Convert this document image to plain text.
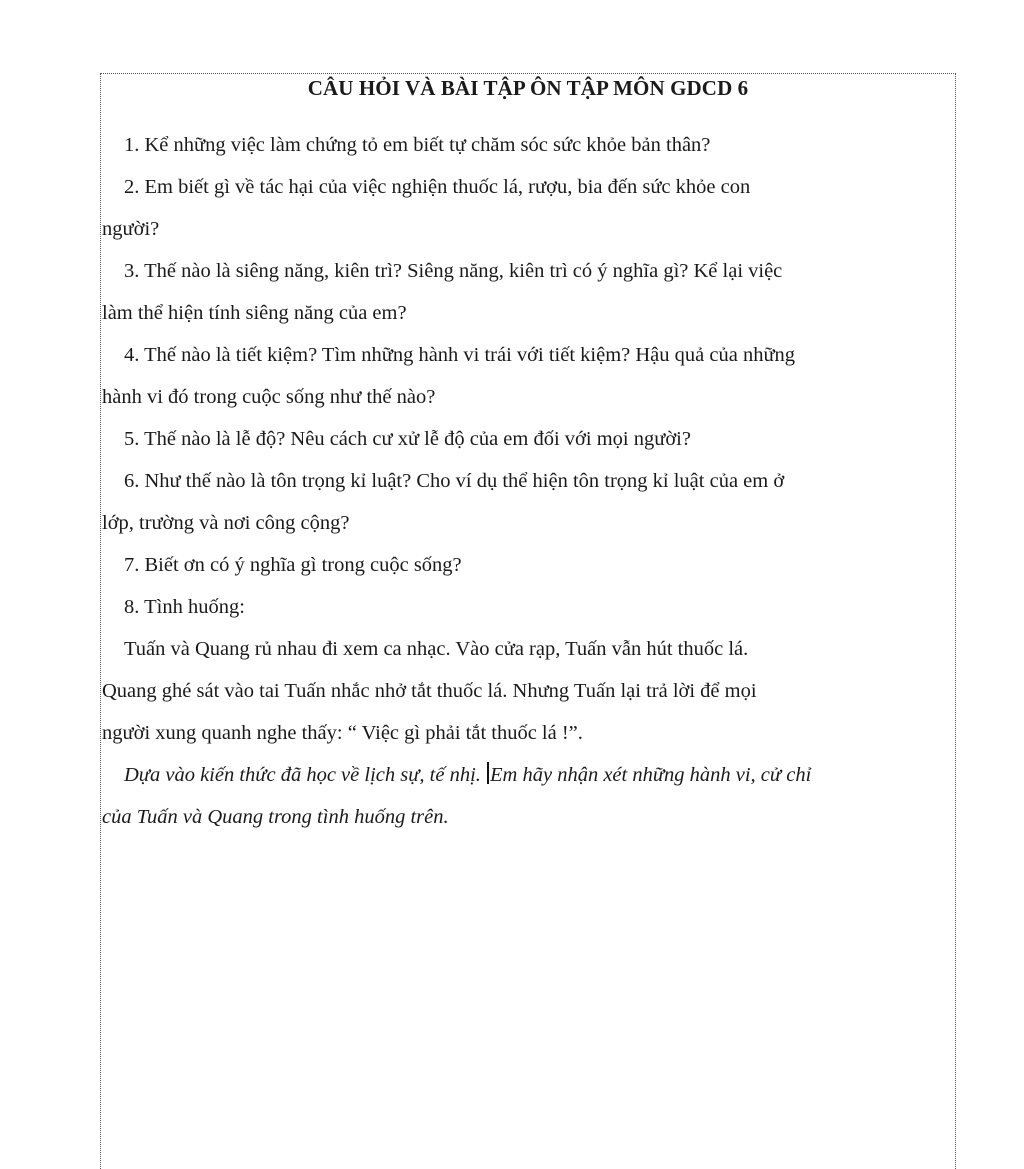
CÂU HỎI VÀ BÀI TẬP ÔN TẬP MÔN GDCD 6

1. Kể những việc làm chứng tỏ em biết tự chăm sóc sức khỏe bản thân?

2. Em biết gì về tác hại của việc nghiện thuốc lá, rượu, bia đến sức khỏe con

người?

3. Thế nào là siêng năng, kiên trì? Siêng năng, kiên trì có ý nghĩa gì? Kể lại việc

làm thể hiện tính siêng năng của em?

4. Thế nào là tiết kiệm? Tìm những hành vi trái với tiết kiệm? Hậu quả của những

hành vi đó trong cuộc sống như thế nào?

5. Thế nào là lễ độ? Nêu cách cư xử lễ độ của em đối với mọi người?

6. Như thế nào là tôn trọng kỉ luật? Cho ví dụ thể hiện tôn trọng kỉ luật của em ở

lớp, trường và nơi công cộng?

7. Biết ơn có ý nghĩa gì trong cuộc sống?

8. Tình huống:

Tuấn và Quang rủ nhau đi xem ca nhạc. Vào cửa rạp, Tuấn vẫn hút thuốc lá.

Quang ghé sát vào tai Tuấn nhắc nhở tắt thuốc lá. Nhưng Tuấn lại trả lời để mọi

người xung quanh nghe thấy: “ Việc gì phải tắt thuốc lá !”.

Dựa vào kiến thức đã học về lịch sự, tế nhị. Em hãy nhận xét những hành vi, cử chỉ

của Tuấn và Quang trong tình huống trên.
